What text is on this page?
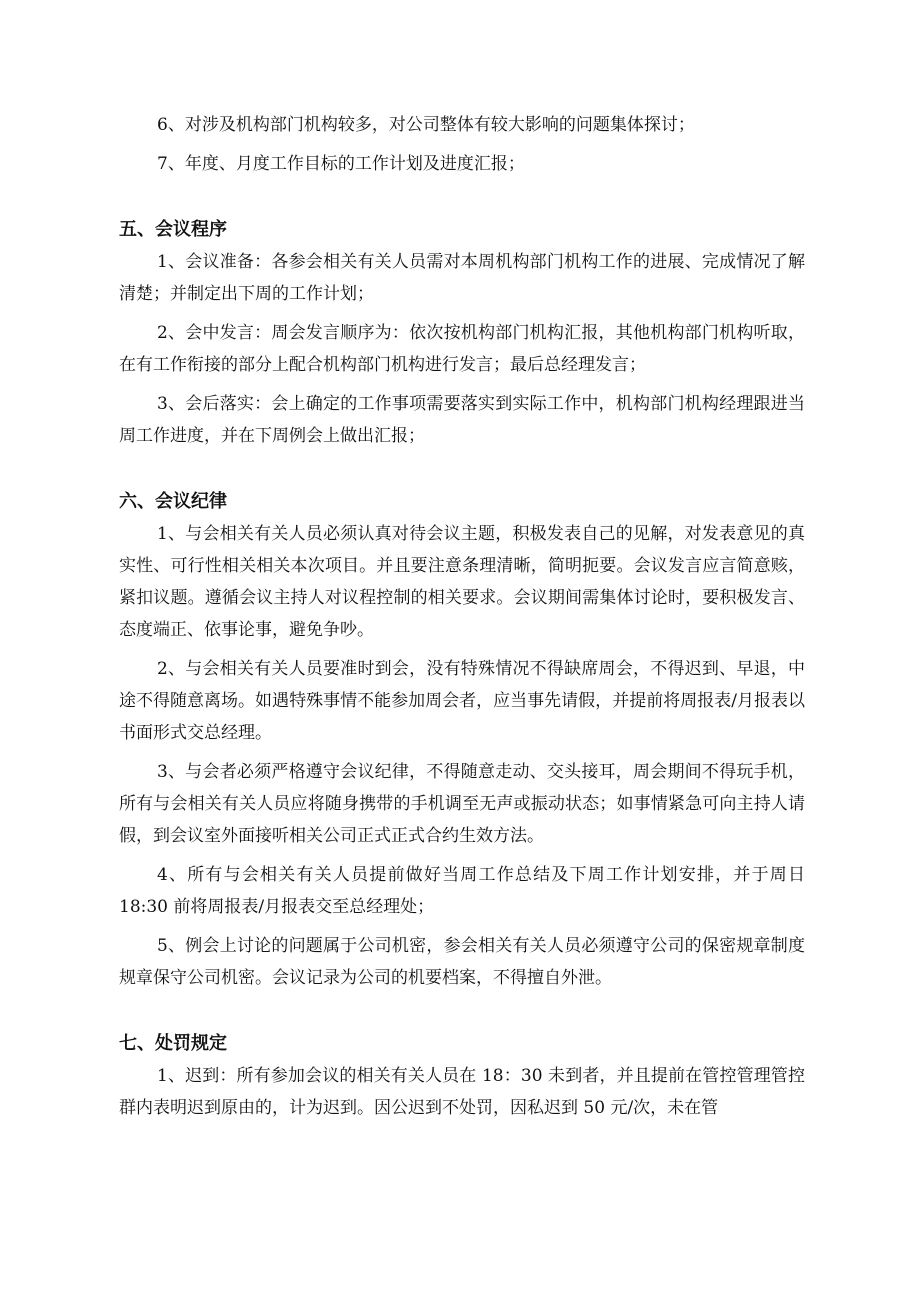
6、对涉及机构部门机构较多，对公司整体有较大影响的问题集体探讨；

7、年度、月度工作目标的工作计划及进度汇报；

五、会议程序

1、会议准备：各参会相关有关人员需对本周机构部门机构工作的进展、完成情况了解清楚；并制定出下周的工作计划；

2、会中发言：周会发言顺序为：依次按机构部门机构汇报，其他机构部门机构听取，在有工作衔接的部分上配合机构部门机构进行发言；最后总经理发言；

3、会后落实：会上确定的工作事项需要落实到实际工作中，机构部门机构经理跟进当周工作进度，并在下周例会上做出汇报；

六、会议纪律

1、与会相关有关人员必须认真对待会议主题，积极发表自己的见解，对发表意见的真实性、可行性相关相关本次项目。并且要注意条理清晰，简明扼要。会议发言应言简意赅，紧扣议题。遵循会议主持人对议程控制的相关要求。会议期间需集体讨论时，要积极发言、态度端正、依事论事，避免争吵。

2、与会相关有关人员要准时到会，没有特殊情况不得缺席周会，不得迟到、早退，中途不得随意离场。如遇特殊事情不能参加周会者，应当事先请假，并提前将周报表/月报表以书面形式交总经理。

3、与会者必须严格遵守会议纪律，不得随意走动、交头接耳，周会期间不得玩手机，所有与会相关有关人员应将随身携带的手机调至无声或振动状态；如事情紧急可向主持人请假，到会议室外面接听相关公司正式正式合约生效方法。

4、所有与会相关有关人员提前做好当周工作总结及下周工作计划安排，并于周日 18:30 前将周报表/月报表交至总经理处；

5、例会上讨论的问题属于公司机密，参会相关有关人员必须遵守公司的保密规章制度规章保守公司机密。会议记录为公司的机要档案，不得擅自外泄。

七、处罚规定

1、迟到：所有参加会议的相关有关人员在 18：30 未到者，并且提前在管控管理管控群内表明迟到原由的，计为迟到。因公迟到不处罚，因私迟到 50 元/次，未在管
